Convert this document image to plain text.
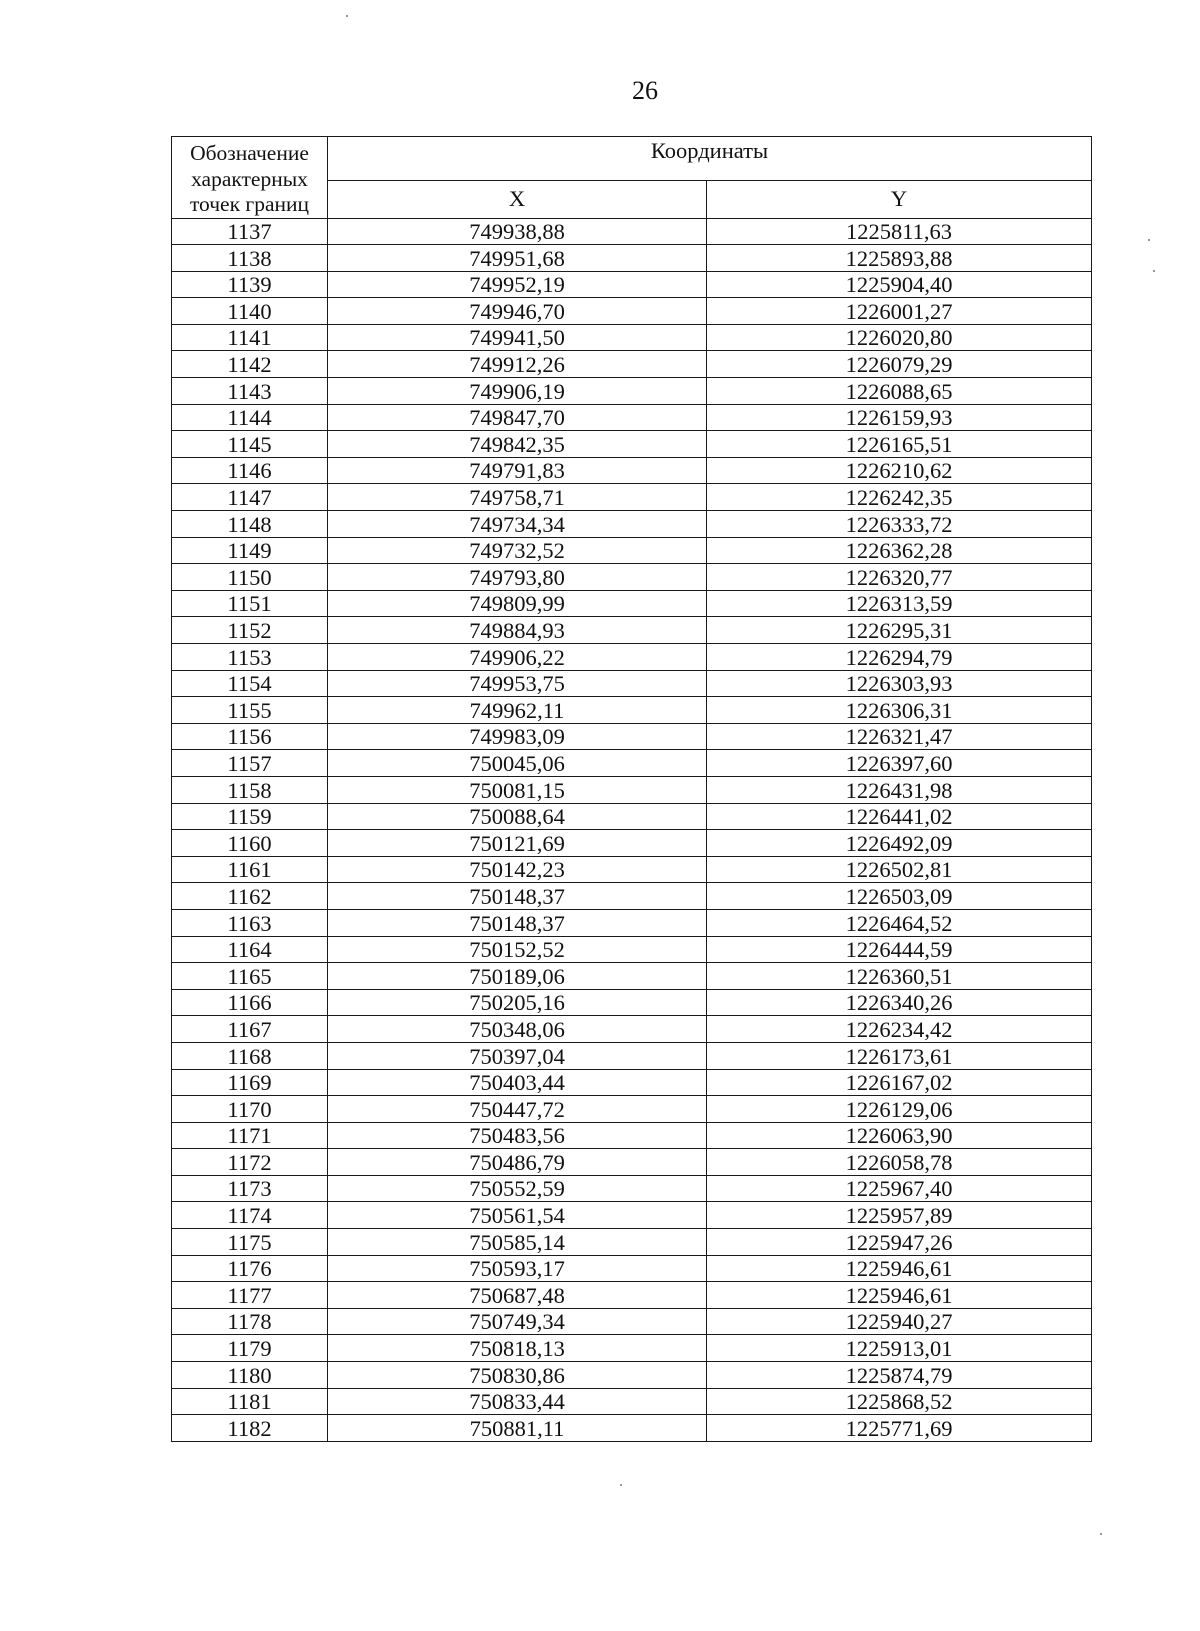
26
Обозначение характерных точек границ	Координаты	
	X	Y
1137	749938,88	1225811,63
1138	749951,68	1225893,88
1139	749952,19	1225904,40
1140	749946,70	1226001,27
1141	749941,50	1226020,80
1142	749912,26	1226079,29
1143	749906,19	1226088,65
1144	749847,70	1226159,93
1145	749842,35	1226165,51
1146	749791,83	1226210,62
1147	749758,71	1226242,35
1148	749734,34	1226333,72
1149	749732,52	1226362,28
1150	749793,80	1226320,77
1151	749809,99	1226313,59
1152	749884,93	1226295,31
1153	749906,22	1226294,79
1154	749953,75	1226303,93
1155	749962,11	1226306,31
1156	749983,09	1226321,47
1157	750045,06	1226397,60
1158	750081,15	1226431,98
1159	750088,64	1226441,02
1160	750121,69	1226492,09
1161	750142,23	1226502,81
1162	750148,37	1226503,09
1163	750148,37	1226464,52
1164	750152,52	1226444,59
1165	750189,06	1226360,51
1166	750205,16	1226340,26
1167	750348,06	1226234,42
1168	750397,04	1226173,61
1169	750403,44	1226167,02
1170	750447,72	1226129,06
1171	750483,56	1226063,90
1172	750486,79	1226058,78
1173	750552,59	1225967,40
1174	750561,54	1225957,89
1175	750585,14	1225947,26
1176	750593,17	1225946,61
1177	750687,48	1225946,61
1178	750749,34	1225940,27
1179	750818,13	1225913,01
1180	750830,86	1225874,79
1181	750833,44	1225868,52
1182	750881,11	1225771,69
